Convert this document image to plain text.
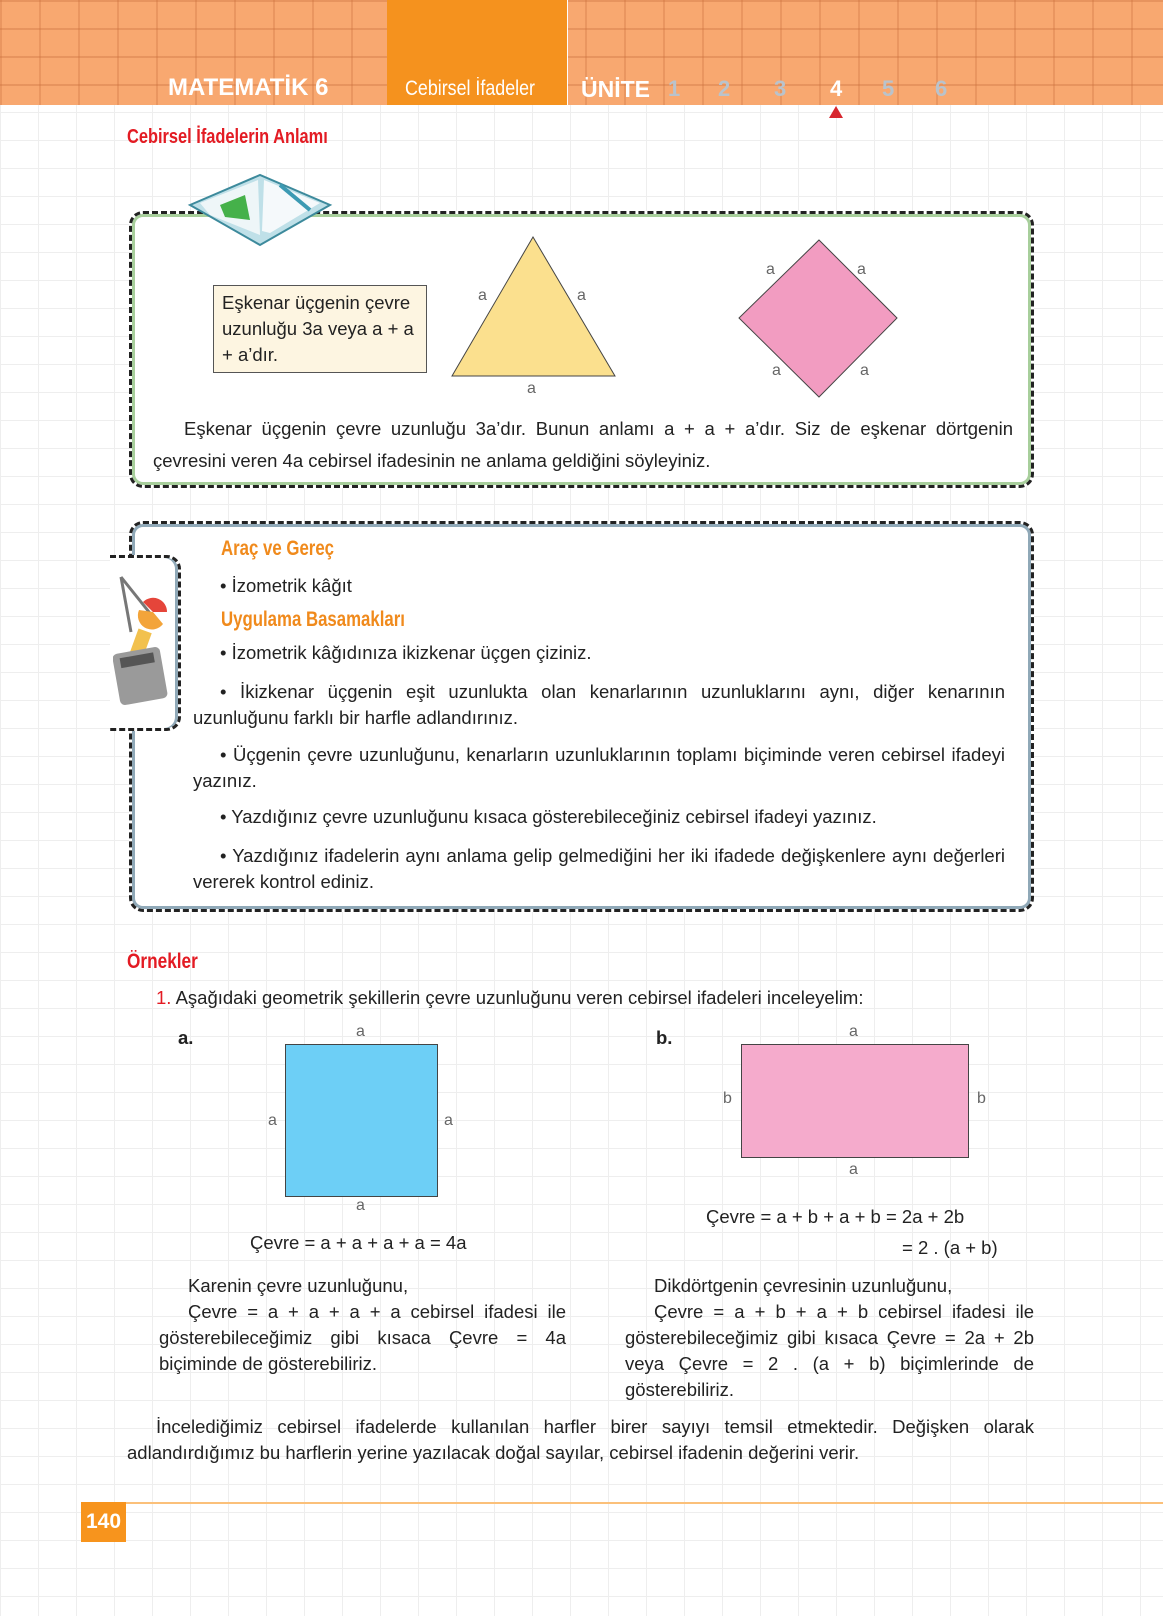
MATEMATİK 6	Cebirsel İfadeler ÜNİTE 1 2 3 4 5 6
Cebirsel İfadelerin Anlamı
Eşkenar üçgenin çevre uzunluğu 3a veya a + a + a’dır.
a	a
a
a	a
a	a

Eşkenar üçgenin çevre uzunluğu 3a’dır. Bunun anlamı a + a + a’dır. Siz de eşkenar dörtgenin çevresini veren 4a cebirsel ifadesinin ne anlama geldiğini söyleyiniz.

Araç ve Gereç

• İzometrik kâğıt

Uygulama Basamakları

• İzometrik kâğıdınıza ikizkenar üçgen çiziniz.

• İkizkenar üçgenin eşit uzunlukta olan kenarlarının uzunluklarını aynı, diğer kenarının uzunluğunu farklı bir harfle adlandırınız.

• Üçgenin çevre uzunluğunu, kenarların uzunluklarının toplamı biçiminde veren cebirsel ifadeyi yazınız.

• Yazdığınız çevre uzunluğunu kısaca gösterebileceğiniz cebirsel ifadeyi yazınız.

• Yazdığınız ifadelerin aynı anlama gelip gelmediğini her iki ifadede değişkenlere aynı değerleri vererek kontrol ediniz.

Örnekler

1. Aşağıdaki geometrik şekillerin çevre uzunluğunu veren cebirsel ifadeleri inceleyelim:

a.	a
a	a
a

Çevre = a + a + a + a = 4a

Karenin çevre uzunluğunu,

Çevre = a + a + a + a cebirsel ifadesi ile gösterebileceğimiz gibi kısaca Çevre = 4a biçiminde de gösterebiliriz.

b.	a
a
b	b

Çevre = a + b + a + b = 2a + 2b

= 2 . (a + b)

Dikdörtgenin çevresinin uzunluğunu,

Çevre = a + b + a + b cebirsel ifadesi ile gösterebileceğimiz gibi kısaca Çevre = 2a + 2b veya Çevre = 2 . (a + b) biçimlerinde de gösterebiliriz.

İncelediğimiz cebirsel ifadelerde kullanılan harfler birer sayıyı temsil etmektedir. Değişken olarak adlandırdığımız bu harflerin yerine yazılacak doğal sayılar, cebirsel ifadenin değerini verir.

140
